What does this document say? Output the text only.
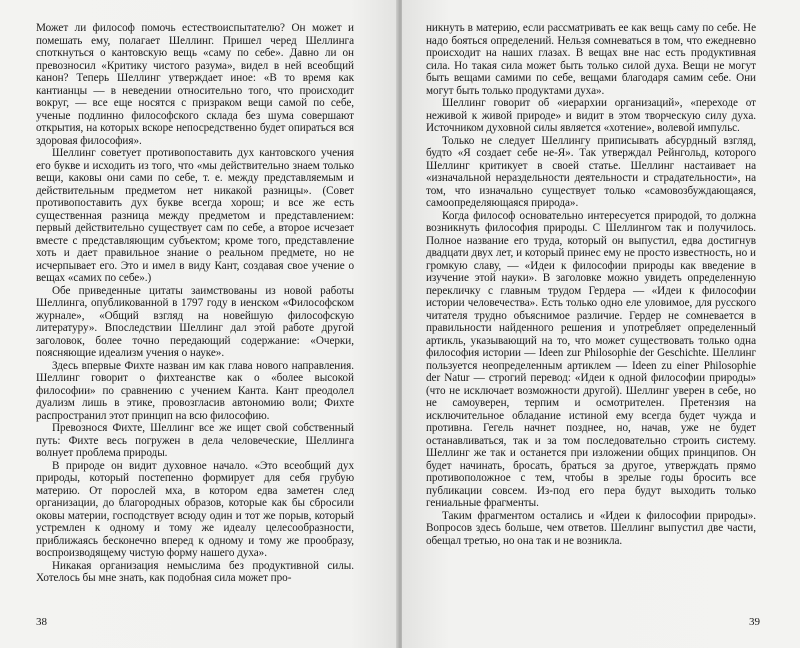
Может ли философ помочь естествоиспытателю? Он может и помешать ему, полагает Шеллинг. Пришел черед Шеллинга споткнуться о кантовскую вещь «саму по себе». Давно ли он превозносил «Критику чистого разума», видел в ней всеобщий канон? Теперь Шеллинг утверждает иное: «В то время как кантианцы — в неведении относительно того, что происходит вокруг, — все еще носятся с призраком вещи самой по себе, ученые подлинно философского склада без шума совершают открытия, на которых вскоре непосредственно будет опираться вся здоровая философия».

Шеллинг советует противопоставить дух кантовского учения его букве и исходить из того, что «мы действительно знаем только вещи, каковы они сами по себе, т. е. между представляемым и действительным предметом нет никакой разницы». (Совет противопоставить дух букве всегда хорош; и все же есть существенная разница между предметом и представлением: первый действительно существует сам по себе, а второе исчезает вместе с представляющим субъектом; кроме того, представление хоть и дает правильное знание о реальном предмете, но не исчерпывает его. Это и имел в виду Кант, создавая свое учение о вещах «самих по себе».)

Обе приведенные цитаты заимствованы из новой работы Шеллинга, опубликованной в 1797 году в иенском «Философском журнале», «Общий взгляд на новейшую философскую литературу». Впоследствии Шеллинг дал этой работе другой заголовок, более точно передающий содержание: «Очерки, поясняющие идеализм учения о науке».

Здесь впервые Фихте назван им как глава нового направления. Шеллинг говорит о фихтеанстве как о «более высокой философии» по сравнению с учением Канта. Кант преодолел дуализм лишь в этике, провозгласив автономию воли; Фихте распространил этот принцип на всю философию.

Превознося Фихте, Шеллинг все же ищет свой собственный путь: Фихте весь погружен в дела человеческие, Шеллинга волнует проблема природы.

В природе он видит духовное начало. «Это всеобщий дух природы, который постепенно формирует для себя грубую материю. От порослей мха, в котором едва заметен след организации, до благородных образов, которые как бы сбросили оковы материи, господствует всюду один и тот же порыв, который устремлен к одному и тому же идеалу целесообразности, приближаясь бесконечно вперед к одному и тому же прообразу, воспроизводящему чистую форму нашего духа».

Никакая организация немыслима без продуктивной силы. Хотелось бы мне знать, как подобная сила может про-

38

никнуть в материю, если рассматривать ее как вещь саму по себе. Не надо бояться определений. Нельзя сомневаться в том, что ежедневно происходит на наших глазах. В вещах вне нас есть продуктивная сила. Но такая сила может быть только силой духа. Вещи не могут быть вещами самими по себе, вещами благодаря самим себе. Они могут быть только продуктами духа».

Шеллинг говорит об «иерархии организаций», «переходе от неживой к живой природе» и видит в этом творческую силу духа. Источником духовной силы является «хотение», волевой импульс.

Только не следует Шеллингу приписывать абсурдный взгляд, будто «Я создает себе не-Я». Так утверждал Рейнгольд, которого Шеллинг критикует в своей статье. Шеллинг настаивает на «изначальной нераздельности деятельности и страдательности», на том, что изначально существует только «самовозбуждающаяся, самоопределяющаяся природа».

Когда философ основательно интересуется природой, то должна возникнуть философия природы. С Шеллингом так и получилось. Полное название его труда, который он выпустил, едва достигнув двадцати двух лет, и который принес ему не просто известность, но и громкую славу, — «Идеи к философии природы как введение в изучение этой науки». В заголовке можно увидеть определенную перекличку с главным трудом Гердера — «Идеи к философии истории человечества». Есть только одно еле уловимое, для русского читателя трудно объяснимое различие. Гердер не сомневается в правильности найденного решения и употребляет определенный артикль, указывающий на то, что может существовать только одна философия истории — Ideen zur Philosophie der Geschichte. Шеллинг пользуется неопределенным артиклем — Ideen zu einer Philosophie der Natur — строгий перевод: «Идеи к одной философии природы» (что не исключает возможности другой). Шеллинг уверен в себе, но не самоуверен, терпим и осмотрителен. Претензия на исключительное обладание истиной ему всегда будет чужда и противна. Гегель начнет позднее, но, начав, уже не будет останавливаться, так и за том последовательно строить систему. Шеллинг же так и останется при изложении общих принципов. Он будет начинать, бросать, браться за другое, утверждать прямо противоположное с тем, чтобы в зрелые годы бросить все публикации совсем. Из-под его пера будут выходить только гениальные фрагменты.

Таким фрагментом остались и «Идеи к философии природы». Вопросов здесь больше, чем ответов. Шеллинг выпустил две части, обещал третью, но она так и не возникла.

39
